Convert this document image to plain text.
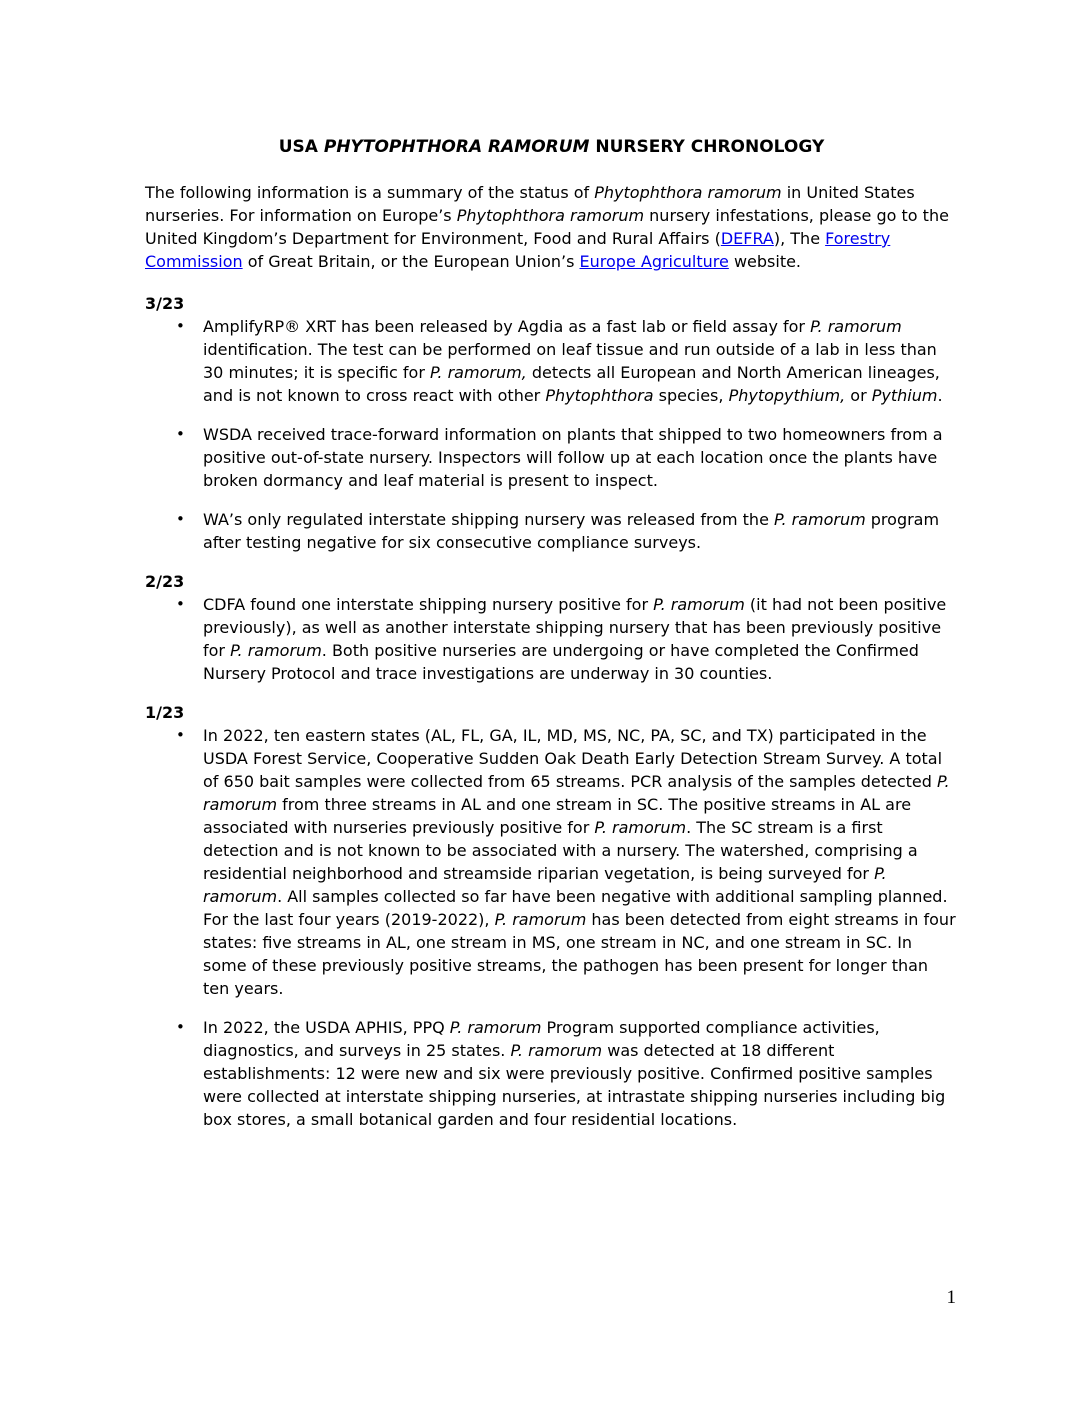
USA PHYTOPHTHORA RAMORUM NURSERY CHRONOLOGY

The following information is a summary of the status of Phytophthora ramorum in United States nurseries. For information on Europe’s Phytophthora ramorum nursery infestations, please go to the United Kingdom’s Department for Environment, Food and Rural Affairs (DEFRA), The Forestry Commission of Great Britain, or the European Union’s Europe Agriculture website.

3/23
• AmplifyRP® XRT has been released by Agdia as a fast lab or field assay for P. ramorum identification. The test can be performed on leaf tissue and run outside of a lab in less than 30 minutes; it is specific for P. ramorum, detects all European and North American lineages, and is not known to cross react with other Phytophthora species, Phytopythium, or Pythium.
• WSDA received trace-forward information on plants that shipped to two homeowners from a positive out-of-state nursery. Inspectors will follow up at each location once the plants have broken dormancy and leaf material is present to inspect.
• WA’s only regulated interstate shipping nursery was released from the P. ramorum program after testing negative for six consecutive compliance surveys.
2/23
• CDFA found one interstate shipping nursery positive for P. ramorum (it had not been positive previously), as well as another interstate shipping nursery that has been previously positive for P. ramorum. Both positive nurseries are undergoing or have completed the Confirmed Nursery Protocol and trace investigations are underway in 30 counties.
1/23
• In 2022, ten eastern states (AL, FL, GA, IL, MD, MS, NC, PA, SC, and TX) participated in the USDA Forest Service, Cooperative Sudden Oak Death Early Detection Stream Survey. A total of 650 bait samples were collected from 65 streams. PCR analysis of the samples detected P. ramorum from three streams in AL and one stream in SC. The positive streams in AL are associated with nurseries previously positive for P. ramorum. The SC stream is a first detection and is not known to be associated with a nursery. The watershed, comprising a residential neighborhood and streamside riparian vegetation, is being surveyed for P. ramorum. All samples collected so far have been negative with additional sampling planned. For the last four years (2019-2022), P. ramorum has been detected from eight streams in four states: five streams in AL, one stream in MS, one stream in NC, and one stream in SC. In some of these previously positive streams, the pathogen has been present for longer than ten years.
• In 2022, the USDA APHIS, PPQ P. ramorum Program supported compliance activities, diagnostics, and surveys in 25 states. P. ramorum was detected at 18 different establishments: 12 were new and six were previously positive. Confirmed positive samples were collected at interstate shipping nurseries, at intrastate shipping nurseries including big box stores, a small botanical garden and four residential locations.
1
